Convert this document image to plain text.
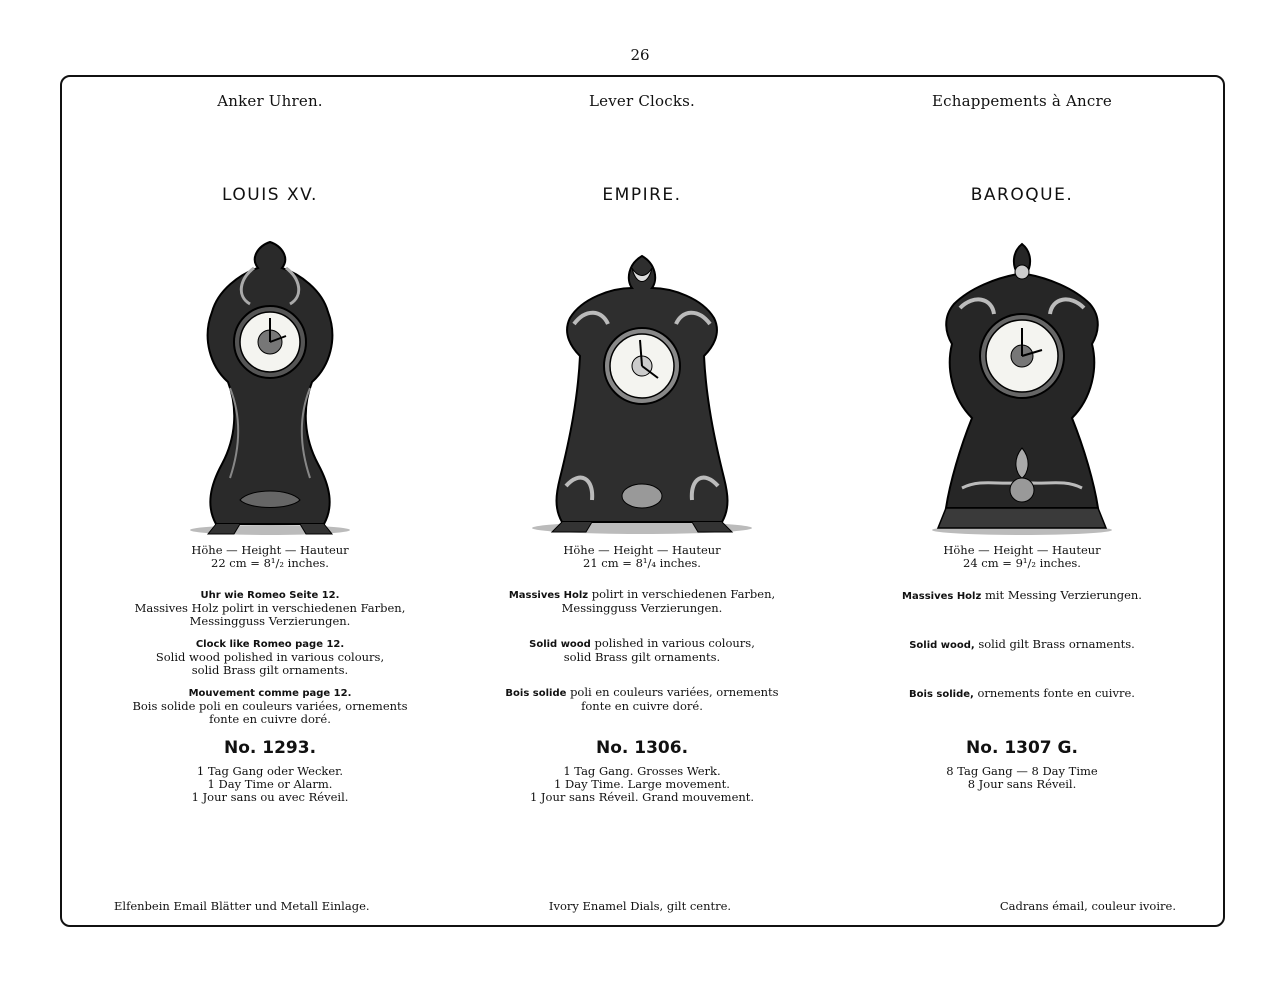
26
Anker Uhren.
LOUIS XV.
Höhe — Height — Hauteur
22 cm = 8¹/₂ inches.
Uhr wie Romeo Seite 12.
Massives Holz polirt in verschiedenen Farben,
Messingguss Verzierungen.
Clock like Romeo page 12.
Solid wood polished in various colours,
solid Brass gilt ornaments.
Mouvement comme page 12.
Bois solide poli en couleurs variées, ornements
fonte en cuivre doré.
No. 1293.
1 Tag Gang oder Wecker.
1 Day Time or Alarm.
1 Jour sans ou avec Réveil.
Lever Clocks.
EMPIRE.
Höhe — Height — Hauteur
21 cm = 8¹/₄ inches.
Massives Holz polirt in verschiedenen Farben,
Messingguss Verzierungen.
Solid wood polished in various colours,
solid Brass gilt ornaments.
Bois solide poli en couleurs variées, ornements
fonte en cuivre doré.
No. 1306.
1 Tag Gang. Grosses Werk.
1 Day Time. Large movement.
1 Jour sans Réveil. Grand mouvement.
Echappements à Ancre
BAROQUE.
Höhe — Height — Hauteur
24 cm = 9¹/₂ inches.
Massives Holz mit Messing Verzierungen.
Solid wood, solid gilt Brass ornaments.
Bois solide, ornements fonte en cuivre.
No. 1307 G.
8 Tag Gang — 8 Day Time
8 Jour sans Réveil.
Elfenbein Email Blätter und Metall Einlage.	Ivory Enamel Dials, gilt centre.	Cadrans émail, couleur ivoire.
